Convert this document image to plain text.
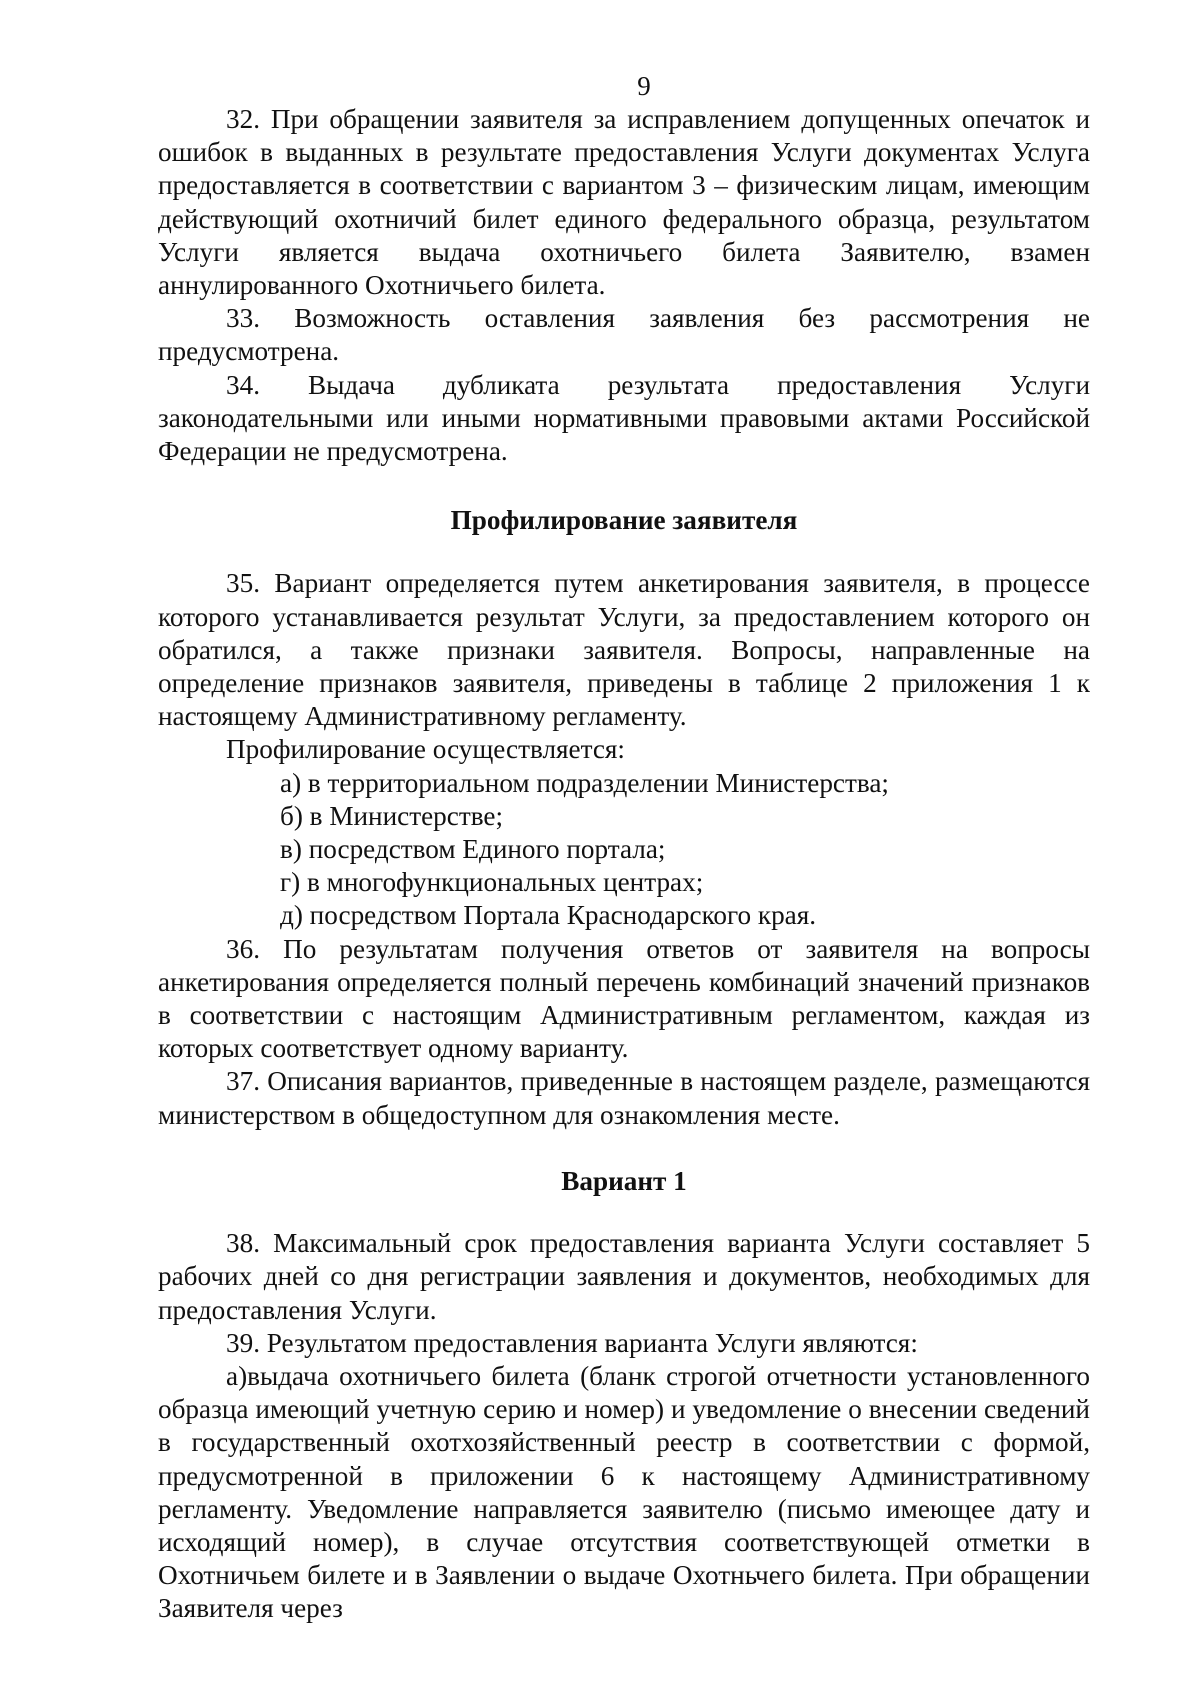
9

32. При обращении заявителя за исправлением допущенных опечаток и ошибок в выданных в результате предоставления Услуги документах Услуга предоставляется в соответствии с вариантом 3 – физическим лицам, имеющим действующий охотничий билет единого федерального образца, результатом Услуги является выдача охотничьего билета Заявителю, взамен аннулированного Охотничьего билета.

33. Возможность оставления заявления без рассмотрения не предусмотрена.

34. Выдача дубликата результата предоставления Услуги законодательными или иными нормативными правовыми актами Российской Федерации не предусмотрена.

Профилирование заявителя

35. Вариант определяется путем анкетирования заявителя, в процессе которого устанавливается результат Услуги, за предоставлением которого он обратился, а также признаки заявителя. Вопросы, направленные на определение признаков заявителя, приведены в таблице 2 приложения 1 к настоящему Административному регламенту.

Профилирование осуществляется:

а) в территориальном подразделении Министерства;
б) в Министерстве;
в) посредством Единого портала;
г) в многофункциональных центрах;
д) посредством Портала Краснодарского края.

36. По результатам получения ответов от заявителя на вопросы анкетирования определяется полный перечень комбинаций значений признаков в соответствии с настоящим Административным регламентом, каждая из которых соответствует одному варианту.

37. Описания вариантов, приведенные в настоящем разделе, размещаются министерством в общедоступном для ознакомления месте.

Вариант 1

38. Максимальный срок предоставления варианта Услуги составляет 5 рабочих дней со дня регистрации заявления и документов, необходимых для предоставления Услуги.

39. Результатом предоставления варианта Услуги являются:

а)выдача охотничьего билета (бланк строгой отчетности установленного образца имеющий учетную серию и номер) и уведомление о внесении сведений в государственный охотхозяйственный реестр в соответствии с формой, предусмотренной в приложении 6 к настоящему Административному регламенту. Уведомление направляется заявителю (письмо имеющее дату и исходящий номер), в случае отсутствия соответствующей отметки в Охотничьем билете и в Заявлении о выдаче Охотньчего билета. При обращении Заявителя через
